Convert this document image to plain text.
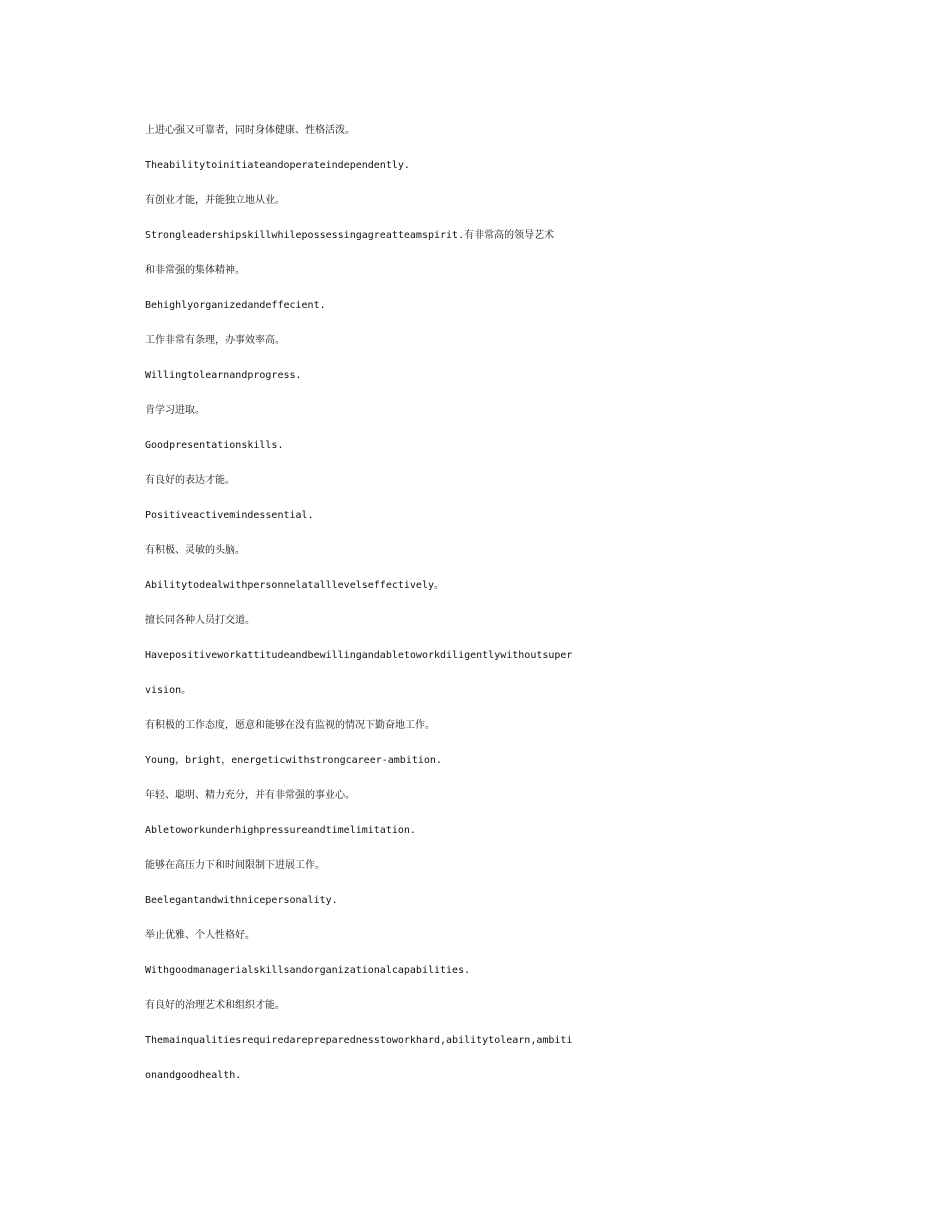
上进心强又可靠者，同时身体健康、性格活泼。
Theabilitytoinitiateandoperateindependently.
有创业才能，并能独立地从业。
Strongleadershipskillwhilepossessingagreatteamspirit.有非常高的领导艺术
和非常强的集体精神。
Behighlyorganizedandeffecient.
工作非常有条理，办事效率高。
Willingtolearnandprogress.
肯学习进取。
Goodpresentationskills.
有良好的表达才能。
Positiveactivemindessential.
有积极、灵敏的头脑。
Abilitytodealwithpersonnelatalllevelseffectively。
擅长同各种人员打交道。
Havepositiveworkattitudeandbewillingandabletoworkdiligentlywithoutsuper
vision。
有积极的工作态度，愿意和能够在没有监视的情况下勤奋地工作。
Young，bright，energeticwithstrongcareer-ambition.
年轻、聪明、精力充分，并有非常强的事业心。
Abletoworkunderhighpressureandtimelimitation.
能够在高压力下和时间限制下进展工作。
Beelegantandwithnicepersonality.
举止优雅、个人性格好。
Withgoodmanagerialskillsandorganizationalcapabilities.
有良好的治理艺术和组织才能。
Themainqualitiesrequiredarepreparednesstoworkhard,abilitytolearn,ambiti
onandgoodhealth.
